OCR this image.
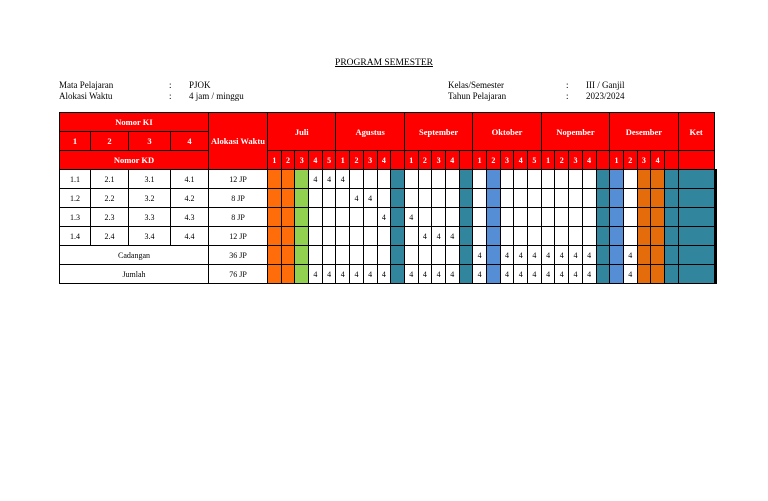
PROGRAM SEMESTER
Mata Pelajaran	:	PJOK
Alokasi Waktu	:	4 jam / minggu
Kelas/Semester	:	III / Ganjil
Tahun Pelajaran	:	2023/2024
Nomor KI				Alokasi Waktu	Juli					Agustus					September					Oktober					Nopember					Desember					Ket	
1	2	3	4																																	
Nomor KD					1	2	3	4	5	1	2	3	4		1	2	3	4		1	2	3	4	5	1	2	3	4		1	2	3	4			
1.1	2.1	3.1	4.1	12 JP				4	4	4																											
1.2	2.2	3.2	4.2	8 JP							4	4																									
1.3	2.3	3.3	4.3	8 JP									4		4																						
1.4	2.4	3.4	4.4	12 JP												4	4	4																			
Cadangan				36 JP																4		4	4	4	4	4	4	4			4						
Jumlah				76 JP				4	4	4	4	4	4		4	4	4	4		4		4	4	4	4	4	4	4			4						
